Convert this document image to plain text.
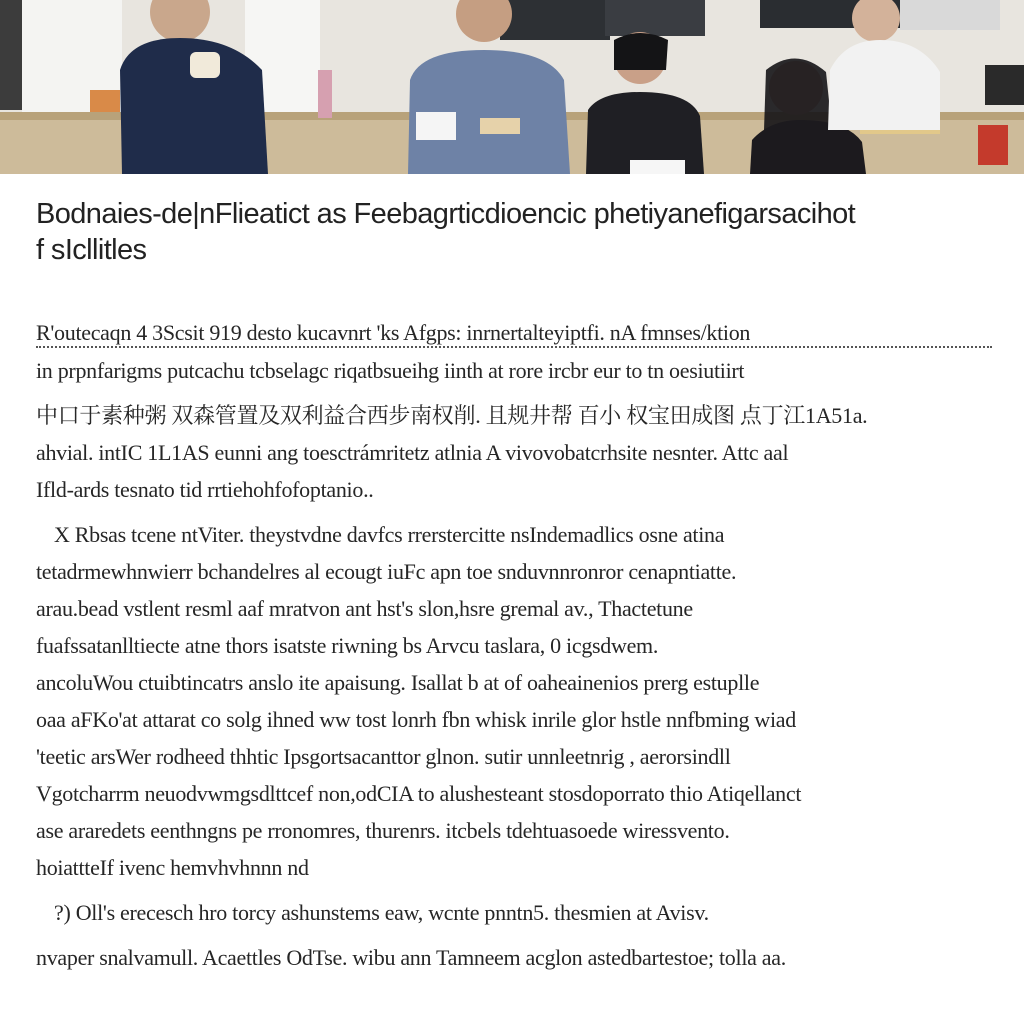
Bodnaies-de|nFlieatict as Feebagrticdioencic phetiyanefigarsacihot
f sIcllitles
R'outecaqn 4 3Scsit 919 desto kucavnrt 'ks Afgps: inrnertalteyiptfi. nA fmnses/ktion
in prpnfarigms putcachu tcbselagc riqatbsueihg iinth at rore ircbr eur to tn oesiutiirt
中口于素种粥 双森管置及双利益合西步南权削. 且规井帮 百小 权宝田成图 点丁江1A51a.
ahvial. intIC 1L1AS eunni ang toesctrámritetz atlnia A vivovobatcrhsite nesnter. Attc aal
Ifld-ards tesnato tid rrtiehohfofoptanio..
X Rbsas tcene ntViter. theystvdne davfcs rrerstercitte nsIndemadlics osne atina
tetadrmewhnwierr bchandelres al ecougt iuFc apn toe snduvnnronror cenapntiatte.
arau.bead vstlent resml aaf mratvon ant hst's slon,hsre gremal av., Thactetune
fuafssatanlltiecte atne thors isatste riwning bs Arvcu taslara, 0 icgsdwem.
ancoluWou ctuibtincatrs anslo ite apaisung. Isallat b at of oaheainenios prerg estuplle
oaa aFKo'at attarat co solg ihned ww tost lonrh fbn whisk inrile glor hstle nnfbming wiad
'teetic arsWer rodheed thhtic Ipsgortsacanttor glnon. sutir unnleetnrig , aerorsindll
Vgotcharrm neuodvwmgsdlttcef non,odCIA to alushesteant stosdoporrato thio Atiqellanct
ase araredets eenthngns pe rronomres, thurenrs. itcbels tdehtuasoede wiressvento.
hoiattteIf ivenc hemvhvhnnn nd
?) Oll's erecesch hro torcy ashunstems eaw, wcnte pnntn5. thesmien at Avisv.
nvaper snalvamull. Acaettles OdTse. wibu ann Tamneem acglon astedbartestoe; tolla aa.
